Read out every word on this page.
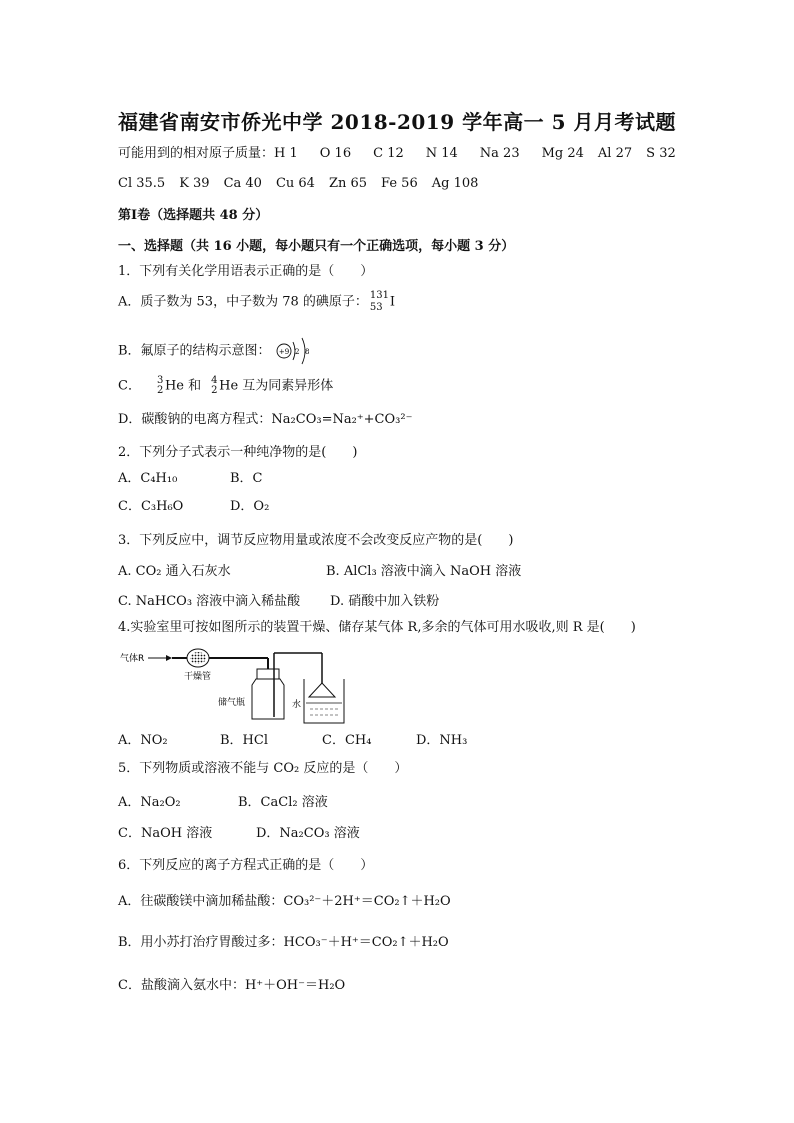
福建省南安市侨光中学 2018-2019 学年高一 5 月月考试题
可能用到的相对原子质量：H 1 O 16 C 12 N 14 Na 23 Mg 24 Al 27 S 32
Cl 35.5 K 39 Ca 40 Cu 64 Zn 65 Fe 56 Ag 108
第Ⅰ卷（选择题共 48 分）
一、选择题（共 16 小题，每小题只有一个正确选项，每小题 3 分）
1．下列有关化学用语表示正确的是（　　）
A．质子数为 53，中子数为 78 的碘原子： 131
53 I
B．氟原子的结构示意图： +9 2 8
C． 3
2 He 和 4
2 He 互为同素异形体
D．碳酸钠的电离方程式：Na₂CO₃=Na₂⁺+CO₃²⁻
2．下列分子式表示一种纯净物的是(　　)
A．C₄H₁₀	B．C
C．C₃H₆O	D．O₂
3．下列反应中，调节反应物用量或浓度不会改变反应产物的是(　　)
A. CO₂ 通入石灰水	B. AlCl₃ 溶液中滴入 NaOH 溶液
C. NaHCO₃ 溶液中滴入稀盐酸 D. 硝酸中加入铁粉
4.实验室里可按如图所示的装置干燥、储存某气体 R,多余的气体可用水吸收,则 R 是(　　)
气体R
干燥管
储气瓶	水
A．NO₂	B．HCl	C．CH₄	D．NH₃
5．下列物质或溶液不能与 CO₂ 反应的是（　　）
A．Na₂O₂	B．CaCl₂ 溶液
C．NaOH 溶液	D．Na₂CO₃ 溶液
6．下列反应的离子方程式正确的是（　　）
A．往碳酸镁中滴加稀盐酸：CO₃²⁻＋2H⁺＝CO₂↑＋H₂O
B．用小苏打治疗胃酸过多：HCO₃⁻＋H⁺＝CO₂↑＋H₂O
C．盐酸滴入氨水中：H⁺＋OH⁻＝H₂O
